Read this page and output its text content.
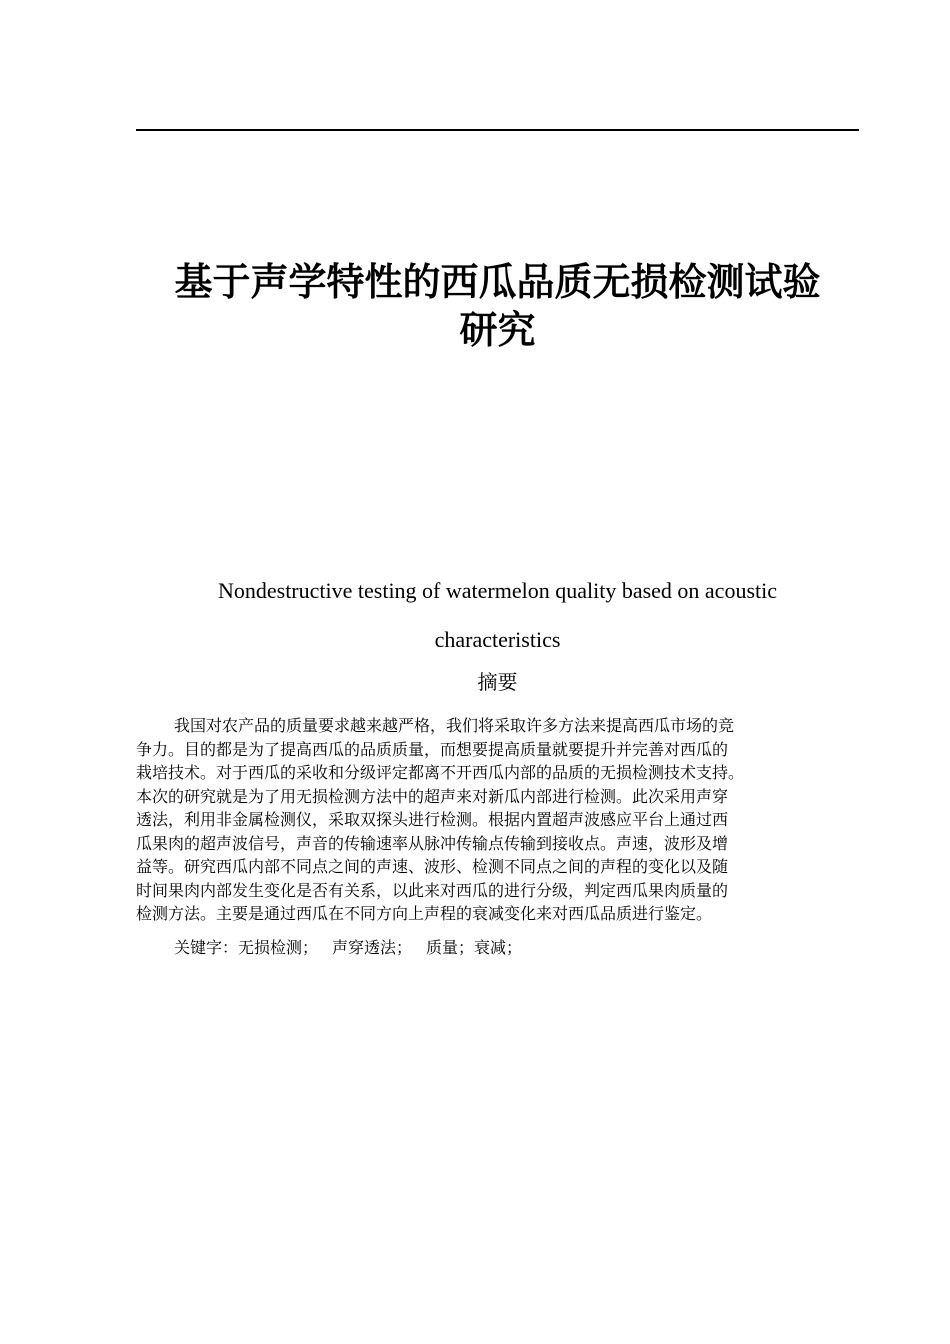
基于声学特性的西瓜品质无损检测试验
研究
Nondestructive testing of watermelon quality based on acoustic
characteristics
摘要
我国对农产品的质量要求越来越严格，我们将采取许多方法来提高西瓜市场的竞
争力。目的都是为了提高西瓜的品质质量，而想要提高质量就要提升并完善对西瓜的
栽培技术。对于西瓜的采收和分级评定都离不开西瓜内部的品质的无损检测技术支持。
本次的研究就是为了用无损检测方法中的超声来对新瓜内部进行检测。此次采用声穿
透法，利用非金属检测仪，采取双探头进行检测。根据内置超声波感应平台上通过西
瓜果肉的超声波信号，声音的传输速率从脉冲传输点传输到接收点。声速，波形及增
益等。研究西瓜内部不同点之间的声速、波形、检测不同点之间的声程的变化以及随
时间果肉内部发生变化是否有关系，以此来对西瓜的进行分级，判定西瓜果肉质量的
检测方法。主要是通过西瓜在不同方向上声程的衰减变化来对西瓜品质进行鉴定。
关键字：无损检测； 声穿透法； 质量；衰减；
